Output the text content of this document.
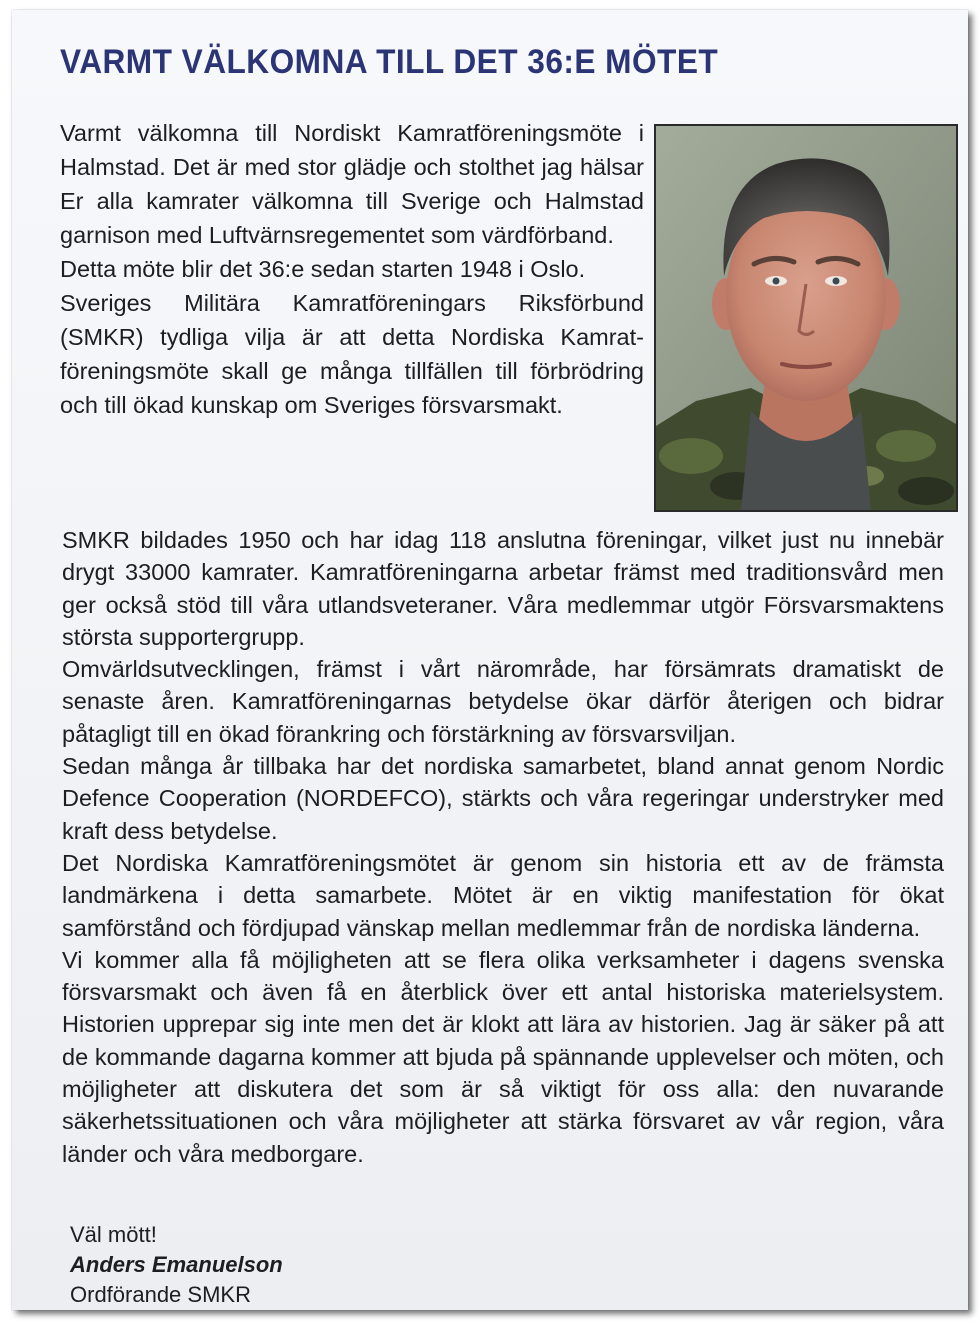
VARMT VÄLKOMNA TILL DET 36:E MÖTET

Varmt välkomna till Nordiskt Kamratföreningsmöte i Halmstad. Det är med stor glädje och stolthet jag hälsar Er alla kamrater välkomna till Sverige och Halmstad garnison med Luftvärnsregementet som värdförband.

Detta möte blir det 36:e sedan starten 1948 i Oslo.

Sveriges Militära Kamratföreningars Riksförbund (SMKR) tydliga vilja är att detta Nordiska Kamratföreningsmöte skall ge många tillfällen till förbrödring och till ökad kunskap om Sveriges försvarsmakt.

SMKR bildades 1950 och har idag 118 anslutna föreningar, vilket just nu innebär drygt 33000 kamrater. Kamratföreningarna arbetar främst med traditionsvård men ger också stöd till våra utlandsveteraner. Våra medlemmar utgör Försvarsmaktens största supportergrupp.

Omvärldsutvecklingen, främst i vårt närområde, har försämrats dramatiskt de senaste åren. Kamratföreningarnas betydelse ökar därför återigen och bidrar påtagligt till en ökad förankring och förstärkning av försvarsviljan.

Sedan många år tillbaka har det nordiska samarbetet, bland annat genom Nordic Defence Cooperation (NORDEFCO), stärkts och våra regeringar understryker med kraft dess betydelse.

Det Nordiska Kamratföreningsmötet är genom sin historia ett av de främsta landmärkena i detta samarbete. Mötet är en viktig manifestation för ökat samförstånd och fördjupad vänskap mellan medlemmar från de nordiska länderna.

Vi kommer alla få möjligheten att se flera olika verksamheter i dagens svenska försvarsmakt och även få en återblick över ett antal historiska materielsystem. Historien upprepar sig inte men det är klokt att lära av historien. Jag är säker på att de kommande dagarna kommer att bjuda på spännande upplevelser och möten, och möjligheter att diskutera det som är så viktigt för oss alla: den nuvarande säkerhetssituationen och våra möjligheter att stärka försvaret av vår region, våra länder och våra medborgare.

Väl mött!
Anders Emanuelson
Ordförande SMKR
